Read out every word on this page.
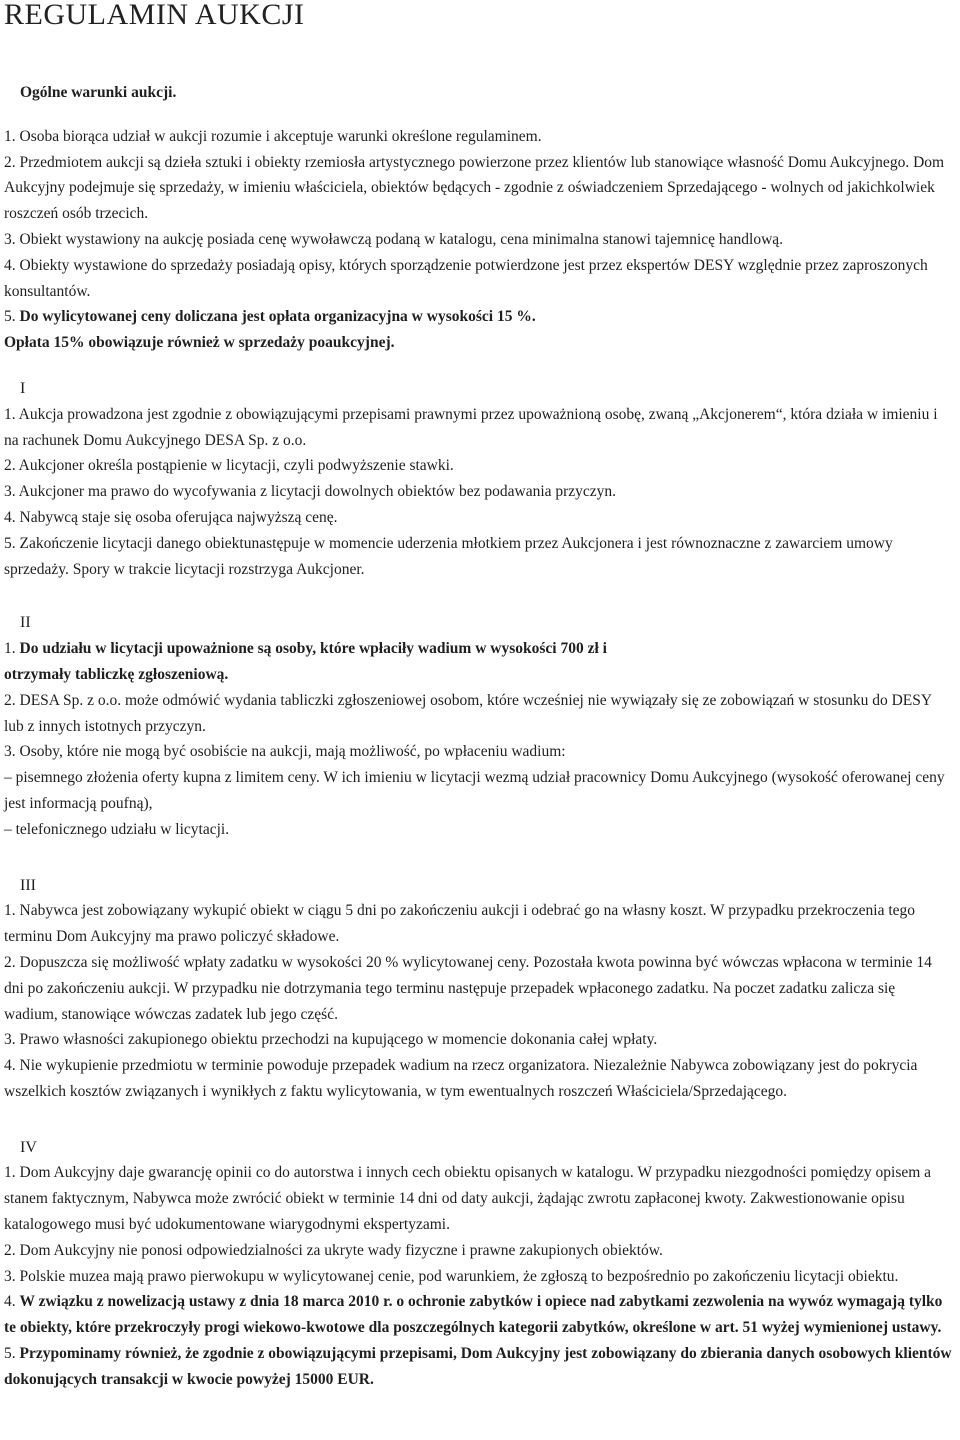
REGULAMIN AUKCJI
Ogólne warunki aukcji.

1. Osoba biorąca udział w aukcji rozumie i akceptuje warunki określone regulaminem.

2. Przedmiotem aukcji są dzieła sztuki i obiekty rzemiosła artystycznego powierzone przez klientów lub stanowiące własność Domu Aukcyjnego. Dom Aukcyjny podejmuje się sprzedaży, w imieniu właściciela, obiektów będących - zgodnie z oświadczeniem Sprzedającego - wolnych od jakichkolwiek roszczeń osób trzecich.

3. Obiekt wystawiony na aukcję posiada cenę wywoławczą podaną w katalogu, cena minimalna stanowi tajemnicę handlową.

4. Obiekty wystawione do sprzedaży posiadają opisy, których sporządzenie potwierdzone jest przez ekspertów DESY względnie przez zaproszonych konsultantów.

5. Do wylicytowanej ceny doliczana jest opłata organizacyjna w wysokości 15 %. Opłata 15% obowiązuje również w sprzedaży poaukcyjnej.

I

1. Aukcja prowadzona jest zgodnie z obowiązującymi przepisami prawnymi przez upoważnioną osobę, zwaną „Akcjonerem“, która działa w imieniu i na rachunek Domu Aukcyjnego DESA Sp. z o.o.

2. Aukcjoner określa postąpienie w licytacji, czyli podwyższenie stawki.

3. Aukcjoner ma prawo do wycofywania z licytacji dowolnych obiektów bez podawania przyczyn.

4. Nabywcą staje się osoba oferująca najwyższą cenę.

5. Zakończenie licytacji danego obiektunastępuje w momencie uderzenia młotkiem przez Aukcjonera i jest równoznaczne z zawarciem umowy sprzedaży. Spory w trakcie licytacji rozstrzyga Aukcjoner.

II

1. Do udziału w licytacji upoważnione są osoby, które wpłaciły wadium w wysokości 700 zł i otrzymały tabliczkę zgłoszeniową.

2. DESA Sp. z o.o. może odmówić wydania tabliczki zgłoszeniowej osobom, które wcześniej nie wywiązały się ze zobowiązań w stosunku do DESY lub z innych istotnych przyczyn.

3. Osoby, które nie mogą być osobiście na aukcji, mają możliwość, po wpłaceniu wadium:

– pisemnego złożenia oferty kupna z limitem ceny. W ich imieniu w licytacji wezmą udział pracownicy Domu Aukcyjnego (wysokość oferowanej ceny jest informacją poufną),

– telefonicznego udziału w licytacji.

III

1. Nabywca jest zobowiązany wykupić obiekt w ciągu 5 dni po zakończeniu aukcji i odebrać go na własny koszt. W przypadku przekroczenia tego terminu Dom Aukcyjny ma prawo policzyć składowe.

2. Dopuszcza się możliwość wpłaty zadatku w wysokości 20 % wylicytowanej ceny. Pozostała kwota powinna być wówczas wpłacona w terminie 14 dni po zakończeniu aukcji. W przypadku nie dotrzymania tego terminu następuje przepadek wpłaconego zadatku. Na poczet zadatku zalicza się wadium, stanowiące wówczas zadatek lub jego część.

3. Prawo własności zakupionego obiektu przechodzi na kupującego w momencie dokonania całej wpłaty.

4. Nie wykupienie przedmiotu w terminie powoduje przepadek wadium na rzecz organizatora. Niezależnie Nabywca zobowiązany jest do pokrycia wszelkich kosztów związanych i wynikłych z faktu wylicytowania, w tym ewentualnych roszczeń Właściciela/Sprzedającego.

IV

1. Dom Aukcyjny daje gwarancję opinii co do autorstwa i innych cech obiektu opisanych w katalogu. W przypadku niezgodności pomiędzy opisem a stanem faktycznym, Nabywca może zwrócić obiekt w terminie 14 dni od daty aukcji, żądając zwrotu zapłaconej kwoty. Zakwestionowanie opisu katalogowego musi być udokumentowane wiarygodnymi ekspertyzami.

2. Dom Aukcyjny nie ponosi odpowiedzialności za ukryte wady fizyczne i prawne zakupionych obiektów.

3. Polskie muzea mają prawo pierwokupu w wylicytowanej cenie, pod warunkiem, że zgłoszą to bezpośrednio po zakończeniu licytacji obiektu.

4. W związku z nowelizacją ustawy z dnia 18 marca 2010 r. o ochronie zabytków i opiece nad zabytkami zezwolenia na wywóz wymagają tylko te obiekty, które przekroczyły progi wiekowo-kwotowe dla poszczególnych kategorii zabytków, określone w art. 51 wyżej wymienionej ustawy.

5. Przypominamy również, że zgodnie z obowiązującymi przepisami, Dom Aukcyjny jest zobowiązany do zbierania danych osobowych klientów dokonujących transakcji w kwocie powyżej 15000 EUR.
